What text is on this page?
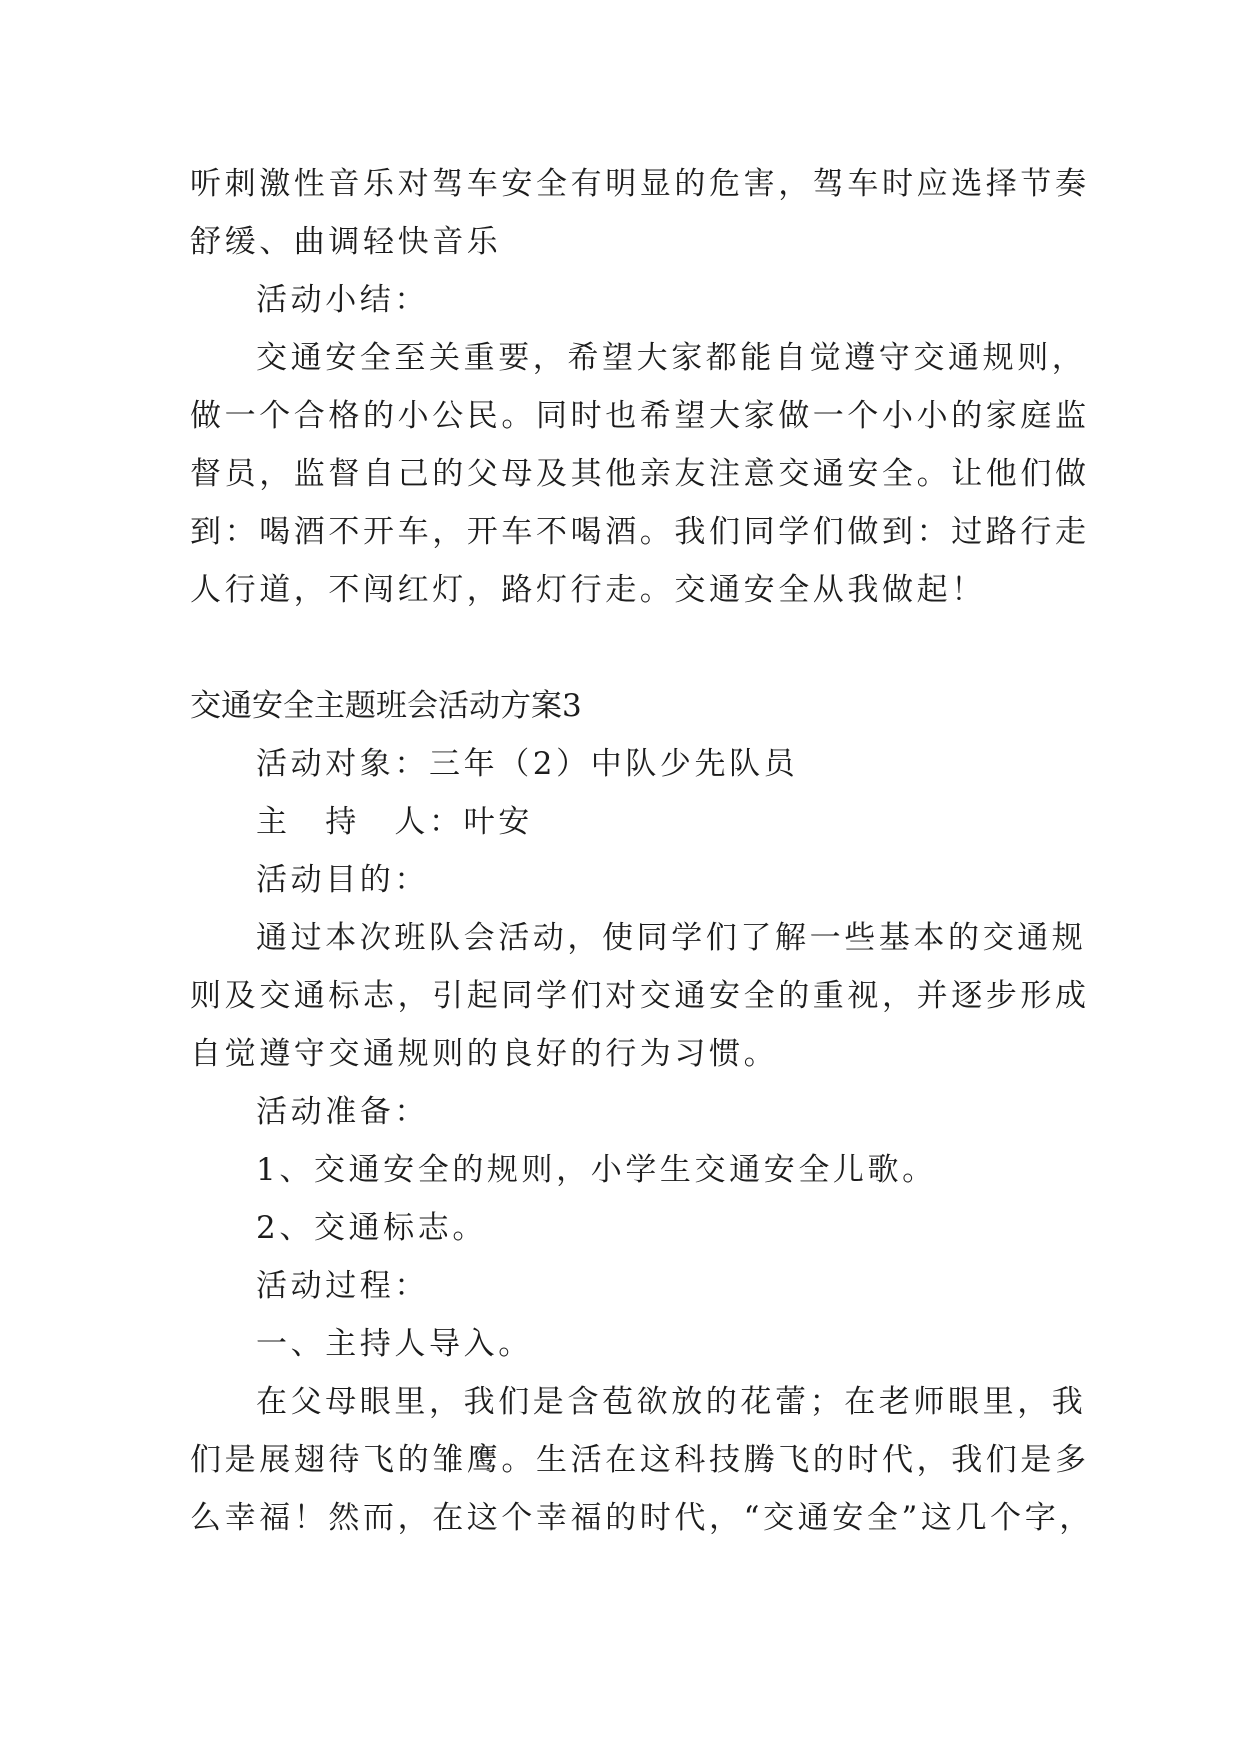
听刺激性音乐对驾车安全有明显的危害，驾车时应选择节奏
舒缓、曲调轻快音乐
活动小结：
交通安全至关重要，希望大家都能自觉遵守交通规则，
做一个合格的小公民。同时也希望大家做一个小小的家庭监
督员，监督自己的父母及其他亲友注意交通安全。让他们做
到：喝酒不开车，开车不喝酒。我们同学们做到：过路行走
人行道，不闯红灯，路灯行走。交通安全从我做起！
交通安全主题班会活动方案3
活动对象：三年（2）中队少先队员
主　持　人：叶安
活动目的：
通过本次班队会活动，使同学们了解一些基本的交通规
则及交通标志，引起同学们对交通安全的重视，并逐步形成
自觉遵守交通规则的良好的行为习惯。
活动准备：
1、交通安全的规则，小学生交通安全儿歌。
2、交通标志。
活动过程：
一、主持人导入。
在父母眼里，我们是含苞欲放的花蕾；在老师眼里，我
们是展翅待飞的雏鹰。生活在这科技腾飞的时代，我们是多
么幸福！然而，在这个幸福的时代，“交通安全”这几个字，
